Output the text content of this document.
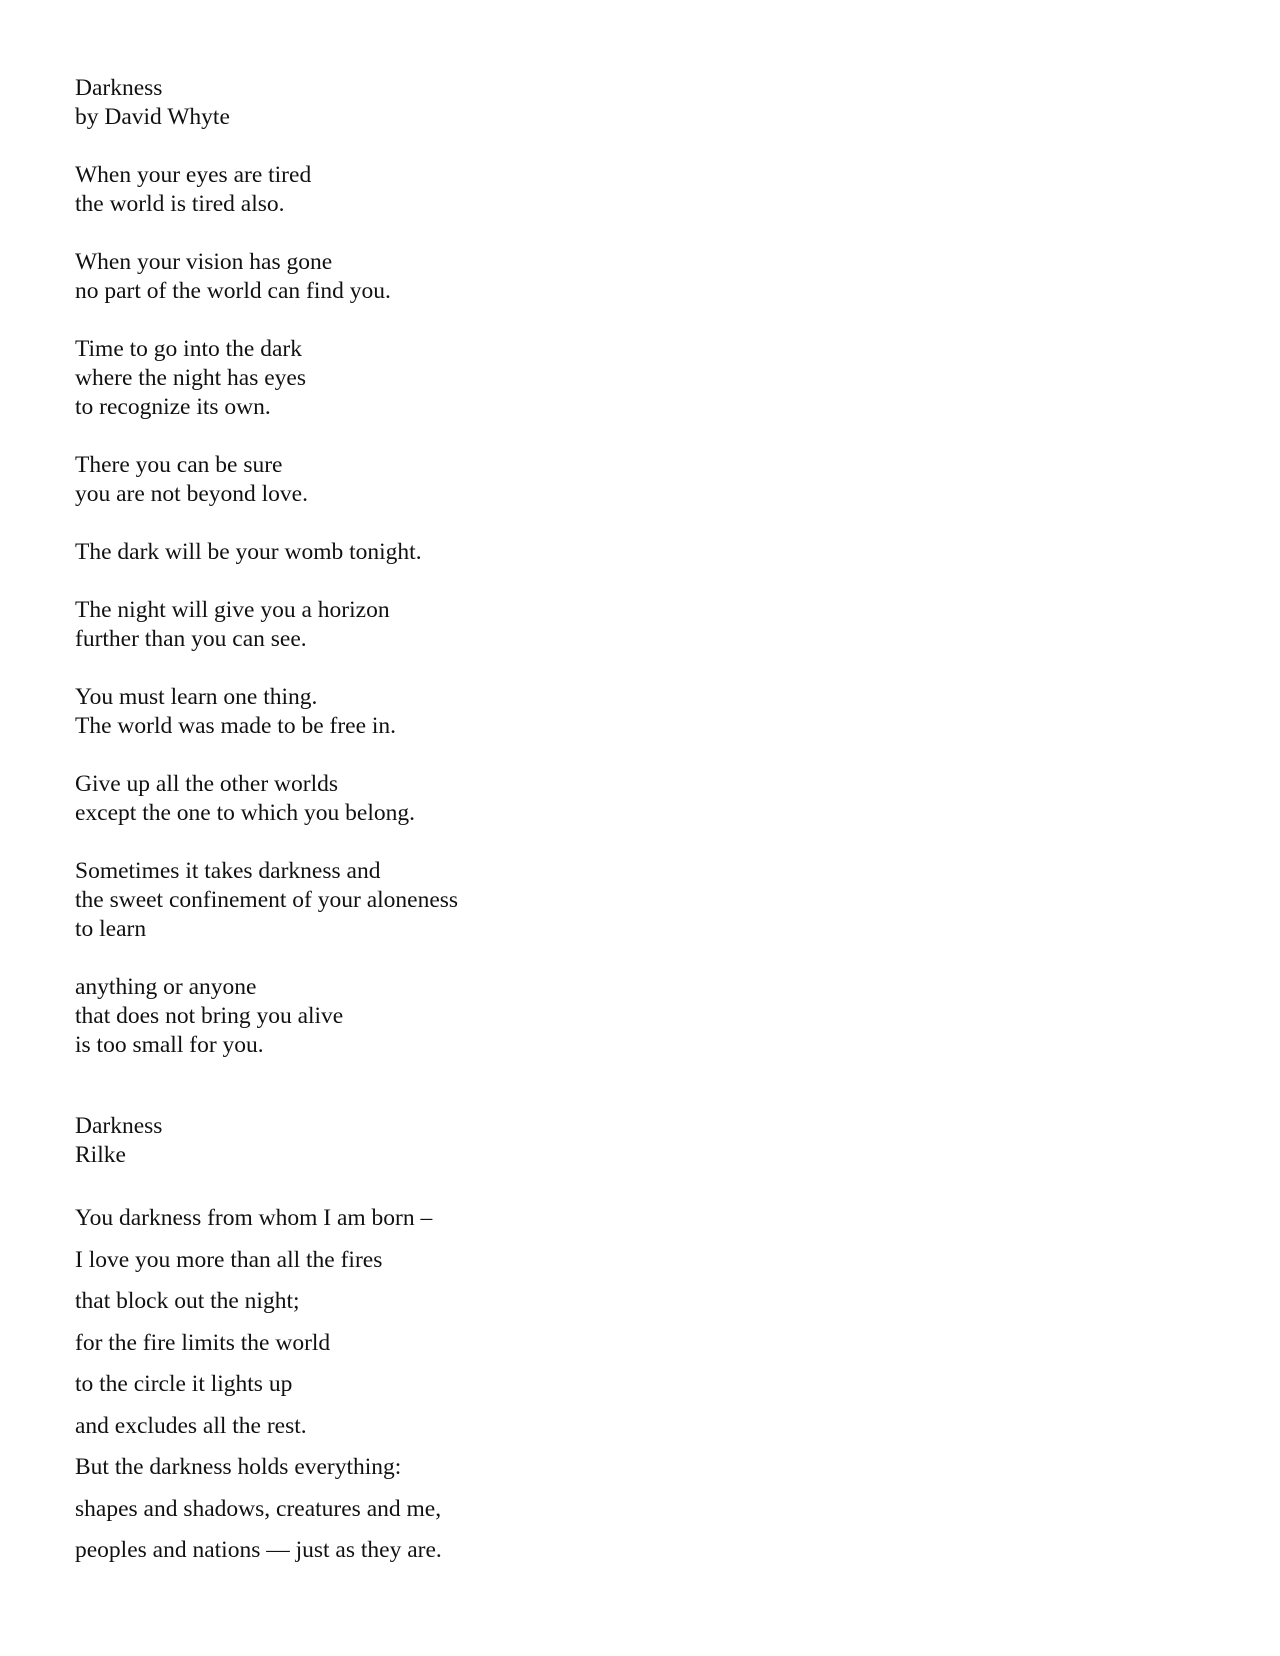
Darkness
by David Whyte
When your eyes are tired
the world is tired also.
When your vision has gone
no part of the world can find you.
Time to go into the dark
where the night has eyes
to recognize its own.
There you can be sure
you are not beyond love.
The dark will be your womb tonight.
The night will give you a horizon
further than you can see.
You must learn one thing.
The world was made to be free in.
Give up all the other worlds
except the one to which you belong.
Sometimes it takes darkness and
the sweet confinement of your aloneness
to learn
anything or anyone
that does not bring you alive
is too small for you.
Darkness
Rilke
You darkness from whom I am born –
I love you more than all the fires
that block out the night;
for the fire limits the world
to the circle it lights up
and excludes all the rest.
But the darkness holds everything:
shapes and shadows, creatures and me,
peoples and nations — just as they are.
